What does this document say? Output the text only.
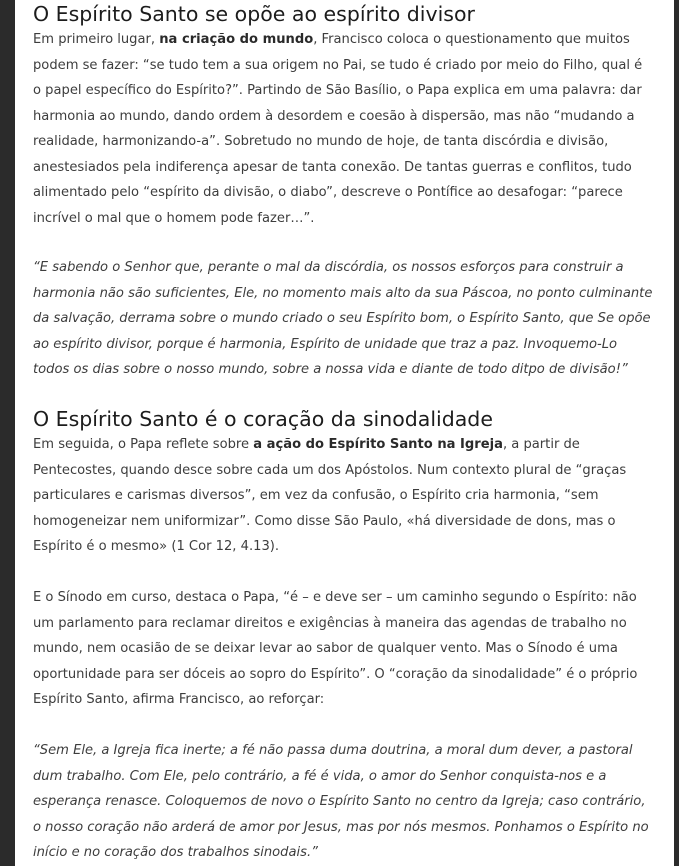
O Espírito Santo se opõe ao espírito divisor

Em primeiro lugar, na criação do mundo, Francisco coloca o questionamento que muitos podem se fazer: “se tudo tem a sua origem no Pai, se tudo é criado por meio do Filho, qual é o papel específico do Espírito?”. Partindo de São Basílio, o Papa explica em uma palavra: dar harmonia ao mundo, dando ordem à desordem e coesão à dispersão, mas não “mudando a realidade, harmonizando-a”. Sobretudo no mundo de hoje, de tanta discórdia e divisão, anestesiados pela indiferença apesar de tanta conexão. De tantas guerras e conflitos, tudo alimentado pelo “espírito da divisão, o diabo”, descreve o Pontífice ao desafogar: “parece incrível o mal que o homem pode fazer…”.

“E sabendo o Senhor que, perante o mal da discórdia, os nossos esforços para construir a harmonia não são suficientes, Ele, no momento mais alto da sua Páscoa, no ponto culminante da salvação, derrama sobre o mundo criado o seu Espírito bom, o Espírito Santo, que Se opõe ao espírito divisor, porque é harmonia, Espírito de unidade que traz a paz. Invoquemo-Lo todos os dias sobre o nosso mundo, sobre a nossa vida e diante de todo ditpo de divisão!”

O Espírito Santo é o coração da sinodalidade

Em seguida, o Papa reflete sobre a ação do Espírito Santo na Igreja, a partir de Pentecostes, quando desce sobre cada um dos Apóstolos. Num contexto plural de “graças particulares e carismas diversos”, em vez da confusão, o Espírito cria harmonia, “sem homogeneizar nem uniformizar”. Como disse São Paulo, «há diversidade de dons, mas o Espírito é o mesmo» (1 Cor 12, 4.13).

E o Sínodo em curso, destaca o Papa, “é – e deve ser – um caminho segundo o Espírito: não um parlamento para reclamar direitos e exigências à maneira das agendas de trabalho no mundo, nem ocasião de se deixar levar ao sabor de qualquer vento. Mas o Sínodo é uma oportunidade para ser dóceis ao sopro do Espírito”. O “coração da sinodalidade” é o próprio Espírito Santo, afirma Francisco, ao reforçar:

“Sem Ele, a Igreja fica inerte; a fé não passa duma doutrina, a moral dum dever, a pastoral dum trabalho. Com Ele, pelo contrário, a fé é vida, o amor do Senhor conquista-nos e a esperança renasce. Coloquemos de novo o Espírito Santo no centro da Igreja; caso contrário, o nosso coração não arderá de amor por Jesus, mas por nós mesmos. Ponhamos o Espírito no início e no coração dos trabalhos sinodais.”
